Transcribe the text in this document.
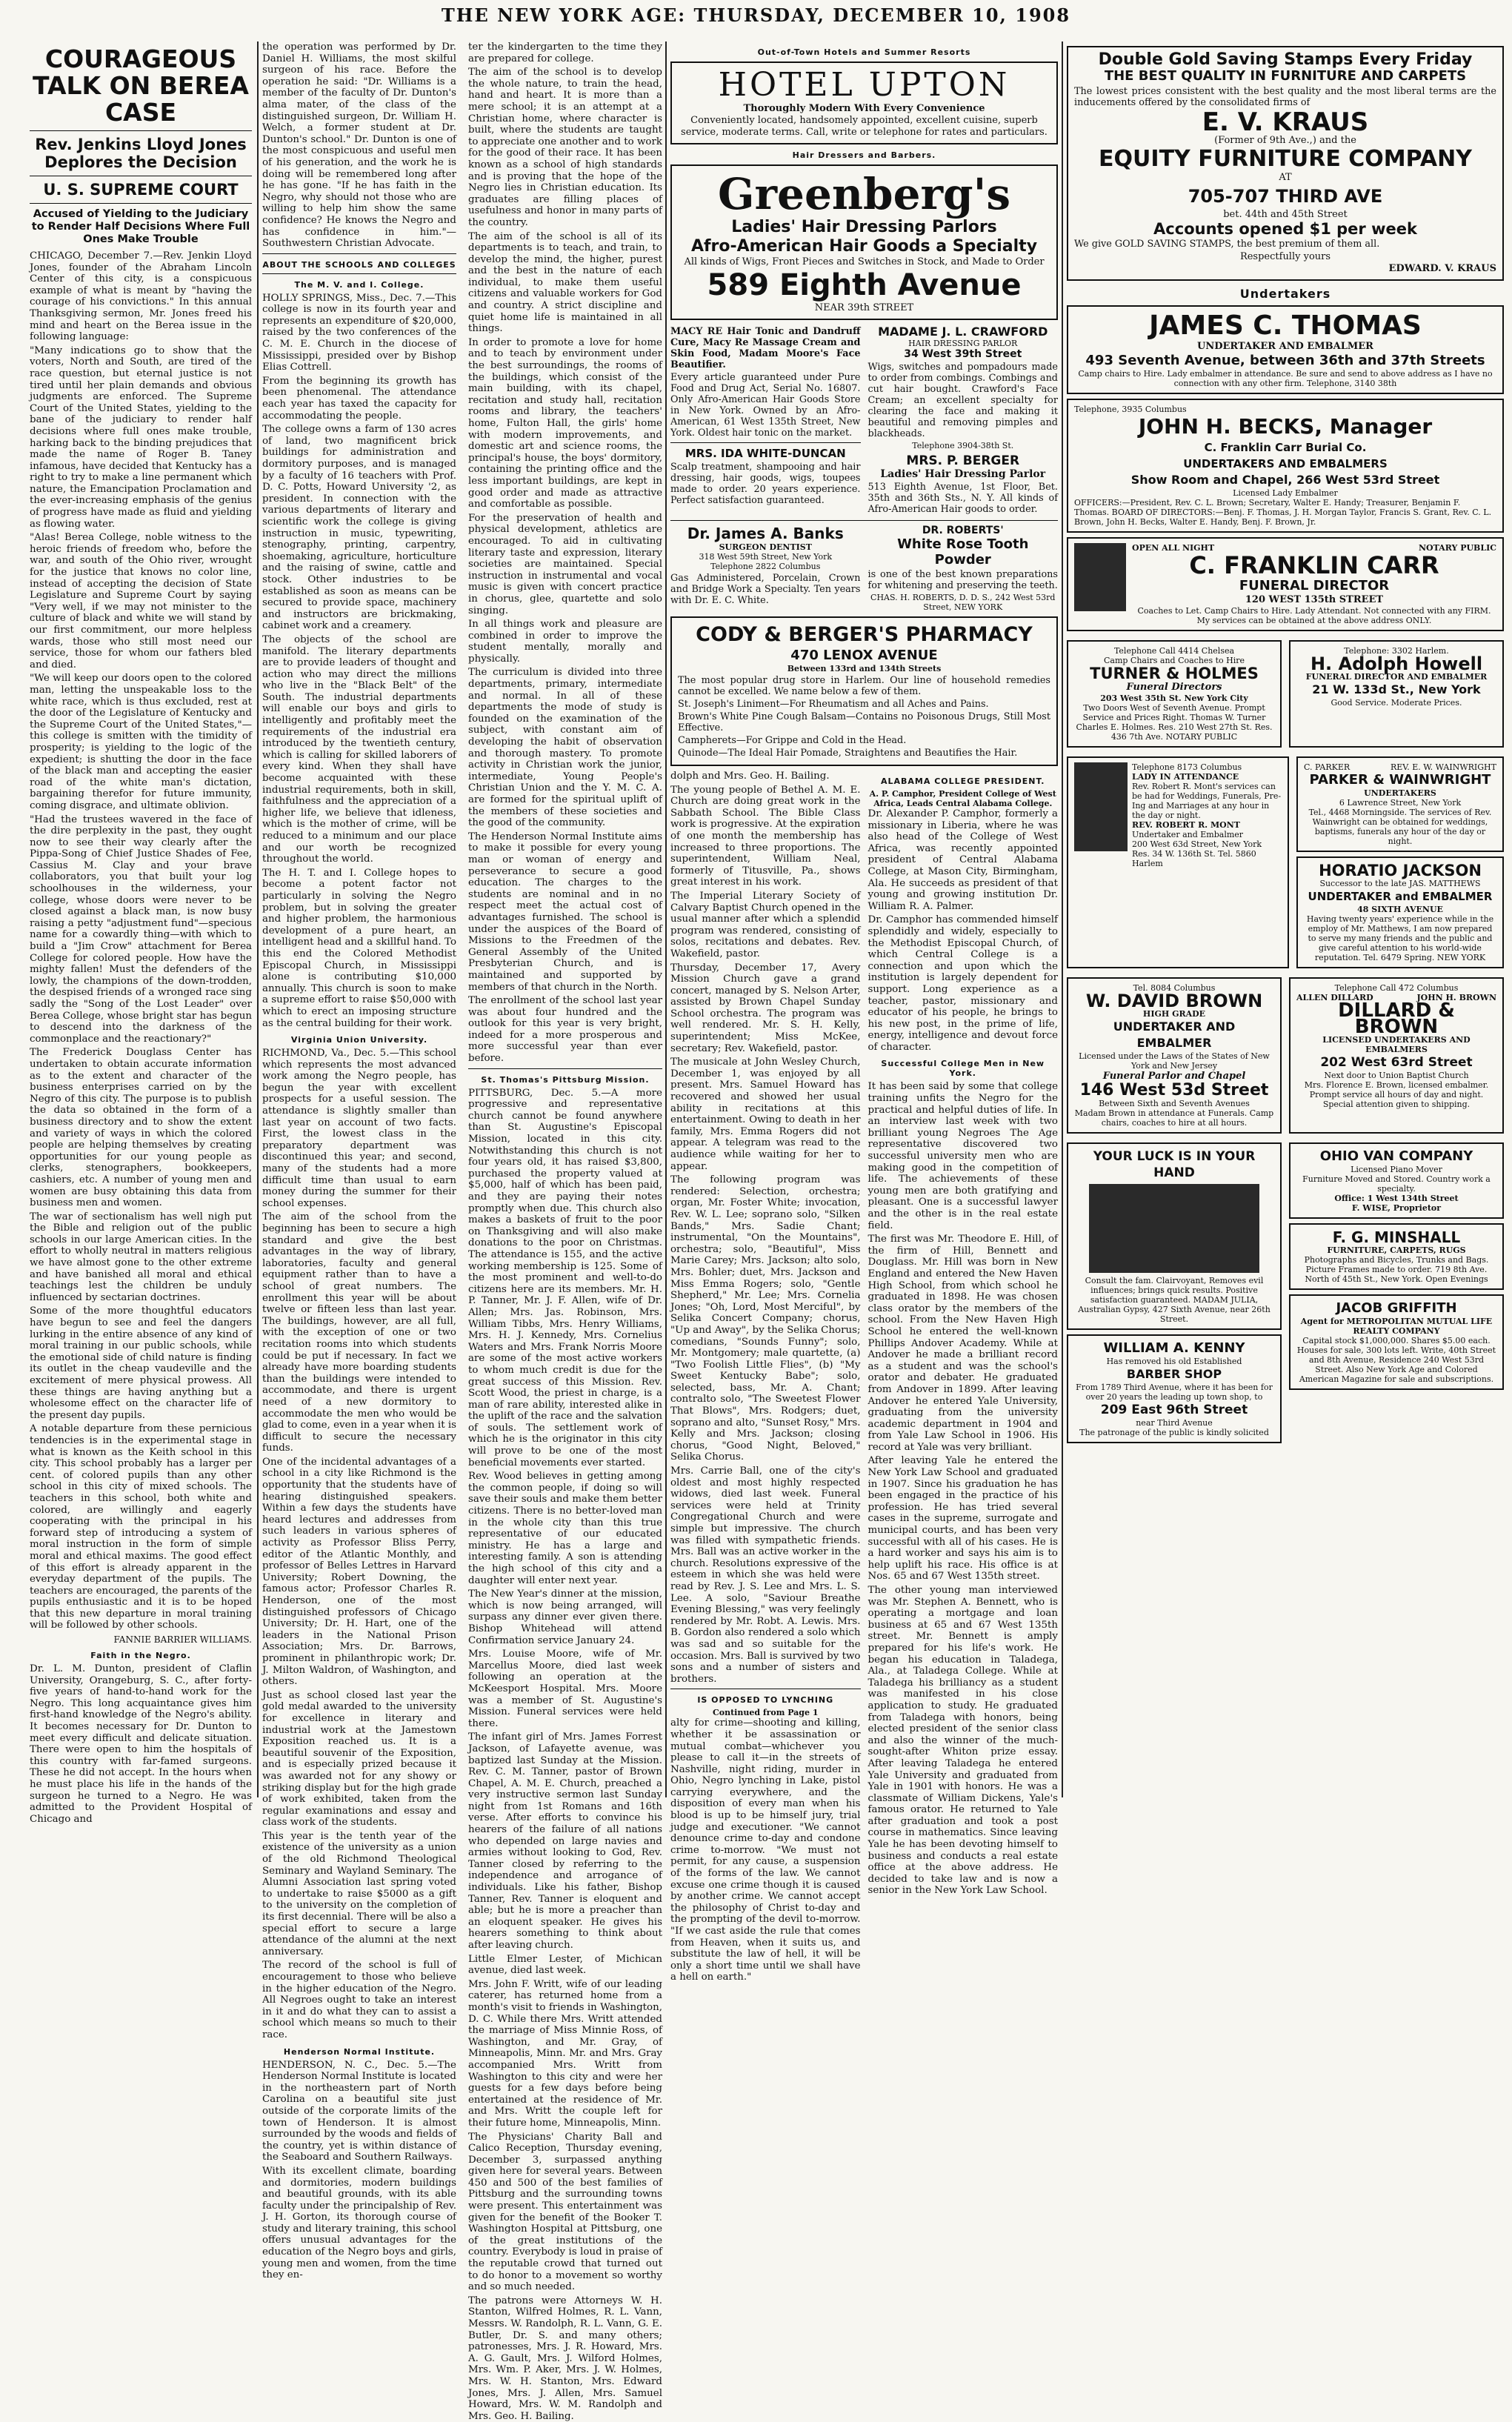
THE NEW YORK AGE: THURSDAY, DECEMBER 10, 1908
COURAGEOUS TALK ON BEREA CASE
Rev. Jenkins Lloyd Jones Deplores the Decision
U. S. SUPREME COURT
Accused of Yielding to the Judiciary to Render Half Decisions Where Full Ones Make Trouble

CHICAGO, December 7.—Rev. Jenkin Lloyd Jones, founder of the Abraham Lincoln Center of this city, is a conspicuous example of what is meant by "having the courage of his convictions." In this annual Thanksgiving sermon, Mr. Jones freed his mind and heart on the Berea issue in the following language:

"Many indications go to show that the voters, North and South, are tired of the race question, but eternal justice is not tired until her plain demands and obvious judgments are enforced. The Supreme Court of the United States, yielding to the bane of the judiciary to render half decisions where full ones make trouble, harking back to the binding prejudices that made the name of Roger B. Taney infamous, have decided that Kentucky has a right to try to make a line permanent which nature, the Emancipation Proclamation and the ever-increasing emphasis of the genius of progress have made as fluid and yielding as flowing water.

"Alas! Berea College, noble witness to the heroic friends of freedom who, before the war, and south of the Ohio river, wrought for the justice that knows no color line, instead of accepting the decision of State Legislature and Supreme Court by saying "Very well, if we may not minister to the culture of black and white we will stand by our first commitment, our more helpless wards, those who still most need our service, those for whom our fathers bled and died.

"We will keep our doors open to the colored man, letting the unspeakable loss to the white race, which is thus excluded, rest at the door of the Legislature of Kentucky and the Supreme Court of the United States,"—this college is smitten with the timidity of prosperity; is yielding to the logic of the expedient; is shutting the door in the face of the black man and accepting the easier road of the white man's dictation, bargaining therefor for future immunity, coming disgrace, and ultimate oblivion.

"Had the trustees wavered in the face of the dire perplexity in the past, they ought now to see their way clearly after the Pippa-Song of Chief Justice Shades of Fee, Cassius M. Clay and your brave collaborators, you that built your log schoolhouses in the wilderness, your college, whose doors were never to be closed against a black man, is now busy raising a petty "adjustment fund"—specious name for a cowardly thing—with which to build a "Jim Crow" attachment for Berea College for colored people. How have the mighty fallen! Must the defenders of the lowly, the champions of the down-trodden, the despised friends of a wronged race sing sadly the "Song of the Lost Leader" over Berea College, whose bright star has begun to descend into the darkness of the commonplace and the reactionary?"

The Frederick Douglass Center has undertaken to obtain accurate information as to the extent and character of the business enterprises carried on by the Negro of this city. The purpose is to publish the data so obtained in the form of a business directory and to show the extent and variety of ways in which the colored people are helping themselves by creating opportunities for our young people as clerks, stenographers, bookkeepers, cashiers, etc. A number of young men and women are busy obtaining this data from business men and women.

The war of sectionalism has well nigh put the Bible and religion out of the public schools in our large American cities. In the effort to wholly neutral in matters religious we have almost gone to the other extreme and have banished all moral and ethical teachings lest the children be unduly influenced by sectarian doctrines.

Some of the more thoughtful educators have begun to see and feel the dangers lurking in the entire absence of any kind of moral training in our public schools, while the emotional side of child nature is finding its outlet in the cheap vaudeville and the excitement of mere physical prowess. All these things are having anything but a wholesome effect on the character life of the present day pupils.

A notable departure from these pernicious tendencies is in the experimental stage in what is known as the Keith school in this city. This school probably has a larger per cent. of colored pupils than any other school in this city of mixed schools. The teachers in this school, both white and colored, are willingly and eagerly cooperating with the principal in his forward step of introducing a system of moral instruction in the form of simple moral and ethical maxims. The good effect of this effort is already apparent in the everyday department of the pupils. The teachers are encouraged, the parents of the pupils enthusiastic and it is to be hoped that this new departure in moral training will be followed by other schools.

FANNIE BARRIER WILLIAMS.
Faith in the Negro.

Dr. L. M. Dunton, president of Claflin University, Orangeburg, S. C., after forty-five years of hand-to-hand work for the Negro. This long acquaintance gives him first-hand knowledge of the Negro's ability. It becomes necessary for Dr. Dunton to meet every difficult and delicate situation. There were open to him the hospitals of this country with far-famed surgeons. These he did not accept. In the hours when he must place his life in the hands of the surgeon he turned to a Negro. He was admitted to the Provident Hospital of Chicago and

the operation was performed by Dr. Daniel H. Williams, the most skilful surgeon of his race. Before the operation he said: "Dr. Williams is a member of the faculty of Dr. Dunton's alma mater, of the class of the distinguished surgeon, Dr. William H. Welch, a former student at Dr. Dunton's school." Dr. Dunton is one of the most conspicuous and useful men of his generation, and the work he is doing will be remembered long after he has gone. "If he has faith in the Negro, why should not those who are willing to help him show the same confidence? He knows the Negro and has confidence in him."—Southwestern Christian Advocate.

ABOUT THE SCHOOLS AND COLLEGES
The M. V. and I. College.

HOLLY SPRINGS, Miss., Dec. 7.—This college is now in its fourth year and represents an expenditure of $20,000, raised by the two conferences of the C. M. E. Church in the diocese of Mississippi, presided over by Bishop Elias Cottrell.

From the beginning its growth has been phenomenal. The attendance each year has taxed the capacity for accommodating the people.

The college owns a farm of 130 acres of land, two magnificent brick buildings for administration and dormitory purposes, and is managed by a faculty of 16 teachers with Prof. D. C. Potts, Howard University '2, as president. In connection with the various departments of literary and scientific work the college is giving instruction in music, typewriting, stenography, printing, carpentry, shoemaking, agriculture, horticulture and the raising of swine, cattle and stock. Other industries to be established as soon as means can be secured to provide space, machinery and instructors are brickmaking, cabinet work and a creamery.

The objects of the school are manifold. The literary departments are to provide leaders of thought and action who may direct the millions who live in the "Black Belt" of the South. The industrial departments will enable our boys and girls to intelligently and profitably meet the requirements of the industrial era introduced by the twentieth century, which is calling for skilled laborers of every kind. When they shall have become acquainted with these industrial requirements, both in skill, faithfulness and the appreciation of a higher life, we believe that idleness, which is the mother of crime, will be reduced to a minimum and our place and our worth be recognized throughout the world.

The H. T. and I. College hopes to become a potent factor not particularly in solving the Negro problem, but in solving the greater and higher problem, the harmonious development of a pure heart, an intelligent head and a skillful hand. To this end the Colored Methodist Episcopal Church, in Mississippi alone is contributing $10,000 annually. This church is soon to make a supreme effort to raise $50,000 with which to erect an imposing structure as the central building for their work.

Virginia Union University.

RICHMOND, Va., Dec. 5.—This school which represents the most advanced work among the Negro people, has begun the year with excellent prospects for a useful session. The attendance is slightly smaller than last year on account of two facts. First, the lowest class in the preparatory department was discontinued this year; and second, many of the students had a more difficult time than usual to earn money during the summer for their school expenses.

The aim of the school from the beginning has been to secure a high standard and give the best advantages in the way of library, laboratories, faculty and general equipment rather than to have a school of great numbers. The enrollment this year will be about twelve or fifteen less than last year. The buildings, however, are all full, with the exception of one or two recitation rooms into which students could be put if necessary. In fact we already have more boarding students than the buildings were intended to accommodate, and there is urgent need of a new dormitory to accommodate the men who would be glad to come, even in a year when it is difficult to secure the necessary funds.

One of the incidental advantages of a school in a city like Richmond is the opportunity that the students have of hearing distinguished speakers. Within a few days the students have heard lectures and addresses from such leaders in various spheres of activity as Professor Bliss Perry, editor of the Atlantic Monthly, and professor of Belles Lettres in Harvard University; Robert Downing, the famous actor; Professor Charles R. Henderson, one of the most distinguished professors of Chicago University; Dr. H. Hart, one of the leaders in the National Prison Association; Mrs. Dr. Barrows, prominent in philanthropic work; Dr. J. Milton Waldron, of Washington, and others.

Just as school closed last year the gold medal awarded to the university for excellence in literary and industrial work at the Jamestown Exposition reached us. It is a beautiful souvenir of the Exposition, and is especially prized because it was awarded not for any showy or striking display but for the high grade of work exhibited, taken from the regular examinations and essay and class work of the students.

This year is the tenth year of the existence of the university as a union of the old Richmond Theological Seminary and Wayland Seminary. The Alumni Association last spring voted to undertake to raise $5000 as a gift to the university on the completion of its first decennial. There will be also a special effort to secure a large attendance of the alumni at the next anniversary.

The record of the school is full of encouragement to those who believe in the higher education of the Negro. All Negroes ought to take an interest in it and do what they can to assist a school which means so much to their race.

Henderson Normal Institute.

HENDERSON, N. C., Dec. 5.—The Henderson Normal Institute is located in the northeastern part of North Carolina on a beautiful site just outside of the corporate limits of the town of Henderson. It is almost surrounded by the woods and fields of the country, yet is within distance of the Seaboard and Southern Railways.

With its excellent climate, boarding and dormitories, modern buildings and beautiful grounds, with its able faculty under the principalship of Rev. J. H. Gorton, its thorough course of study and literary training, this school offers unusual advantages for the education of the Negro boys and girls, young men and women, from the time they en-

ter the kindergarten to the time they are prepared for college.

The aim of the school is to develop the whole nature, to train the head, hand and heart. It is more than a mere school; it is an attempt at a Christian home, where character is built, where the students are taught to appreciate one another and to work for the good of their race. It has been known as a school of high standards and is proving that the hope of the Negro lies in Christian education. Its graduates are filling places of usefulness and honor in many parts of the country.

The aim of the school is all of its departments is to teach, and train, to develop the mind, the higher, purest and the best in the nature of each individual, to make them useful citizens and valuable workers for God and country. A strict discipline and quiet home life is maintained in all things.

In order to promote a love for home and to teach by environment under the best surroundings, the rooms of the buildings, which consist of the main building, with its chapel, recitation and study hall, recitation rooms and library, the teachers' home, Fulton Hall, the girls' home with modern improvements, and domestic art and science rooms, the principal's house, the boys' dormitory, containing the printing office and the less important buildings, are kept in good order and made as attractive and comfortable as possible.

For the preservation of health and physical development, athletics are encouraged. To aid in cultivating literary taste and expression, literary societies are maintained. Special instruction in instrumental and vocal music is given with concert practice in chorus, glee, quartette and solo singing.

In all things work and pleasure are combined in order to improve the student mentally, morally and physically.

The curriculum is divided into three departments, primary, intermediate and normal. In all of these departments the mode of study is founded on the examination of the subject, with constant aim of developing the habit of observation and thorough mastery. To promote activity in Christian work the junior, intermediate, Young People's Christian Union and the Y. M. C. A. are formed for the spiritual uplift of the members of these societies and the good of the community.

The Henderson Normal Institute aims to make it possible for every young man or woman of energy and perseverance to secure a good education. The charges to the students are nominal and in no respect meet the actual cost of advantages furnished. The school is under the auspices of the Board of Missions to the Freedmen of the General Assembly of the United Presbyterian Church, and is maintained and supported by members of that church in the North.

The enrollment of the school last year was about four hundred and the outlook for this year is very bright, indeed for a more prosperous and more successful year than ever before.

St. Thomas's Pittsburg Mission.

PITTSBURG, Dec. 5.—A more progressive and representative church cannot be found anywhere than St. Augustine's Episcopal Mission, located in this city. Notwithstanding this church is not four years old, it has raised $3,800, purchased the property valued at $5,000, half of which has been paid, and they are paying their notes promptly when due. This church also makes a baskets of fruit to the poor on Thanksgiving and will also make donations to the poor on Christmas. The attendance is 155, and the active working membership is 125. Some of the most prominent and well-to-do citizens here are its members. Mr. H. P. Tanner, Mr. J. F. Allen, wife of Dr. Allen; Mrs. Jas. Robinson, Mrs. William Tibbs, Mrs. Henry Williams, Mrs. H. J. Kennedy, Mrs. Cornelius Waters and Mrs. Frank Norris Moore are some of the most active workers to whom much credit is due for the great success of this Mission. Rev. Scott Wood, the priest in charge, is a man of rare ability, interested alike in the uplift of the race and the salvation of souls. The settlement work of which he is the originator in this city will prove to be one of the most beneficial movements ever started.

Rev. Wood believes in getting among the common people, if doing so will save their souls and make them better citizens. There is no better-loved man in the whole city than this true representative of our educated ministry. He has a large and interesting family. A son is attending the high school of this city and a daughter will enter next year.

The New Year's dinner at the mission, which is now being arranged, will surpass any dinner ever given there. Bishop Whitehead will attend Confirmation service January 24.

Mrs. Louise Moore, wife of Mr. Marcellus Moore, died last week following an operation at the McKeesport Hospital. Mrs. Moore was a member of St. Augustine's Mission. Funeral services were held there.

The infant girl of Mrs. James Forrest Jackson, of Lafayette avenue, was baptized last Sunday at the Mission. Rev. C. M. Tanner, pastor of Brown Chapel, A. M. E. Church, preached a very instructive sermon last Sunday night from 1st Romans and 16th verse. After efforts to convince his hearers of the failure of all nations who depended on large navies and armies without looking to God, Rev. Tanner closed by referring to the independence and arrogance of individuals. Like his father, Bishop Tanner, Rev. Tanner is eloquent and able; but he is more a preacher than an eloquent speaker. He gives his hearers something to think about after leaving church.

Little Elmer Lester, of Michican avenue, died last week.

Mrs. John F. Writt, wife of our leading caterer, has returned home from a month's visit to friends in Washington, D. C. While there Mrs. Writt attended the marriage of Miss Minnie Ross, of Washington, and Mr. Gray, of Minneapolis, Minn. Mr. and Mrs. Gray accompanied Mrs. Writt from Washington to this city and were her guests for a few days before being entertained at the residence of Mr. and Mrs. Writt the couple left for their future home, Minneapolis, Minn.

The Physicians' Charity Ball and Calico Reception, Thursday evening, December 3, surpassed anything given here for several years. Between 450 and 500 of the best families of Pittsburg and the surrounding towns were present. This entertainment was given for the benefit of the Booker T. Washington Hospital at Pittsburg, one of the great institutions of the country. Everybody is loud in praise of the reputable crowd that turned out to do honor to a movement so worthy and so much needed.

The patrons were Attorneys W. H. Stanton, Wilfred Holmes, R. L. Vann, Messrs. W. Randolph, R. L. Vann, G. E. Butler, Dr. S. and many others; patronesses, Mrs. J. R. Howard, Mrs. A. G. Gault, Mrs. J. Wilford Holmes, Mrs. Wm. P. Aker, Mrs. J. W. Holmes, Mrs. W. H. Stanton, Mrs. Edward Jones, Mrs. J. Allen, Mrs. Samuel Howard, Mrs. W. M. Randolph and Mrs. Geo. H. Bailing.

Out-of-Town Hotels and Summer Resorts
HOTEL UPTON
Thoroughly Modern With Every Convenience
Conveniently located, handsomely appointed, excellent cuisine, superb service, moderate terms. Call, write or telephone for rates and particulars.
Hair Dressers and Barbers.
Greenberg's
Ladies' Hair Dressing Parlors
Afro-American Hair Goods a Specialty
All kinds of Wigs, Front Pieces and Switches in Stock, and Made to Order
589 Eighth Avenue
NEAR 39th STREET
MACY RE Hair Tonic and Dandruff Cure, Macy Re Massage Cream and Skin Food, Madam Moore's Face Beautifier.
Every article guaranteed under Pure Food and Drug Act, Serial No. 16807. Only Afro-American Hair Goods Store in New York. Owned by an Afro-American, 61 West 135th Street, New York. Oldest hair tonic on the market.
MRS. IDA WHITE-DUNCAN
Scalp treatment, shampooing and hair dressing, hair goods, wigs, toupees made to order. 20 years experience. Perfect satisfaction guaranteed.
MADAME J. L. CRAWFORD
HAIR DRESSING PARLOR
34 West 39th Street
Wigs, switches and pompadours made to order from combings. Combings and cut hair bought. Crawford's Face Cream; an excellent specialty for clearing the face and making it beautiful and removing pimples and blackheads.
Telephone 3904-38th St.
MRS. P. BERGER
Ladies' Hair Dressing Parlor
513 Eighth Avenue, 1st Floor, Bet. 35th and 36th Sts., N. Y. All kinds of Afro-American Hair goods to order.
Dr. James A. Banks
SURGEON DENTIST
318 West 59th Street, New York
Telephone 2822 Columbus
Gas Administered, Porcelain, Crown and Bridge Work a Specialty. Ten years with Dr. E. C. White.
DR. ROBERTS'
White Rose Tooth Powder
is one of the best known preparations for whitening and preserving the teeth.
CHAS. H. ROBERTS, D. D. S., 242 West 53rd Street, NEW YORK
CODY & BERGER'S PHARMACY
470 LENOX AVENUE
Between 133rd and 134th Streets
The most popular drug store in Harlem. Our line of household remedies cannot be excelled. We name below a few of them.
St. Joseph's Liniment—For Rheumatism and all Aches and Pains.
Brown's White Pine Cough Balsam—Contains no Poisonous Drugs, Still Most Effective.
Campherets—For Grippe and Cold in the Head.
Quinode—The Ideal Hair Pomade, Straightens and Beautifies the Hair.

dolph and Mrs. Geo. H. Bailing.

The young people of Bethel A. M. E. Church are doing great work in the Sabbath School. The Bible Class work is progressive. At the expiration of one month the membership has increased to three proportions. The superintendent, William Neal, formerly of Titusville, Pa., shows great interest in his work.

The Imperial Literary Society of Calvary Baptist Church opened in the usual manner after which a splendid program was rendered, consisting of solos, recitations and debates. Rev. Wakefield, pastor.

Thursday, December 17, Avery Mission Church gave a grand concert, managed by S. Nelson Arter, assisted by Brown Chapel Sunday School orchestra. The program was well rendered. Mr. S. H. Kelly, superintendent; Miss McKee, secretary; Rev. Wakefield, pastor.

The musicale at John Wesley Church, December 1, was enjoyed by all present. Mrs. Samuel Howard has recovered and showed her usual ability in recitations at this entertainment. Owing to death in her family, Mrs. Emma Rogers did not appear. A telegram was read to the audience while waiting for her to appear.

The following program was rendered: Selection, orchestra; organ, Mr. Foster White; invocation, Rev. W. L. Lee; soprano solo, "Silken Bands," Mrs. Sadie Chant; instrumental, "On the Mountains", orchestra; solo, "Beautiful", Miss Marie Carey; Mrs. Jackson; alto solo, Mrs. Bohler; duet, Mrs. Jackson and Miss Emma Rogers; solo, "Gentle Shepherd," Mr. Lee; Mrs. Cornelia Jones; "Oh, Lord, Most Merciful", by Selika Concert Company; chorus, "Up and Away", by the Selika Chorus; comedians, "Sounds Funny"; solo, Mr. Montgomery; male quartette, (a) "Two Foolish Little Flies", (b) "My Sweet Kentucky Babe"; solo, selected, bass, Mr. A. Chant; contralto solo, "The Sweetest Flower That Blows", Mrs. Rodgers; duet, soprano and alto, "Sunset Rosy," Mrs. Kelly and Mrs. Jackson; closing chorus, "Good Night, Beloved," Selika Chorus.

Mrs. Carrie Ball, one of the city's oldest and most highly respected widows, died last week. Funeral services were held at Trinity Congregational Church and were simple but impressive. The church was filled with sympathetic friends. Mrs. Ball was an active worker in the church. Resolutions expressive of the esteem in which she was held were read by Rev. J. S. Lee and Mrs. L. S. Lee. A solo, "Saviour Breathe Evening Blessing," was very feelingly rendered by Mr. Robt. A. Lewis. Mrs. B. Gordon also rendered a solo which was sad and so suitable for the occasion. Mrs. Ball is survived by two sons and a number of sisters and brothers.

IS OPPOSED TO LYNCHING
Continued from Page 1

alty for crime—shooting and killing, whether it be assassination or mutual combat—whichever you please to call it—in the streets of Nashville, night riding, murder in Ohio, Negro lynching in Lake, pistol carrying everywhere, and the disposition of every man when his blood is up to be himself jury, trial judge and executioner. "We cannot denounce crime to-day and condone crime to-morrow. "We must not permit, for any cause, a suspension of the forms of the law. We cannot excuse one crime though it is caused by another crime. We cannot accept the philosophy of Christ to-day and the prompting of the devil to-morrow. "If we cast aside the rule that comes from Heaven, when it suits us, and substitute the law of hell, it will be only a short time until we shall have a hell on earth."

ALABAMA COLLEGE PRESIDENT.
A. P. Camphor, President College of West Africa, Leads Central Alabama College.

Dr. Alexander P. Camphor, formerly a missionary in Liberia, where he was also head of the College of West Africa, was recently appointed president of Central Alabama College, at Mason City, Birmingham, Ala. He succeeds as president of that young and growing institution Dr. William R. A. Palmer.

Dr. Camphor has commended himself splendidly and widely, especially to the Methodist Episcopal Church, of which Central College is a connection and upon which the institution is largely dependent for support. Long experience as a teacher, pastor, missionary and educator of his people, he brings to his new post, in the prime of life, energy, intelligence and devout force of character.

Successful College Men in New York.

It has been said by some that college training unfits the Negro for the practical and helpful duties of life. In an interview last week with two brilliant young Negroes The Age representative discovered two successful university men who are making good in the competition of life. The achievements of these young men are both gratifying and pleasant. One is a successful lawyer and the other is in the real estate field.

The first was Mr. Theodore E. Hill, of the firm of Hill, Bennett and Douglass. Mr. Hill was born in New England and entered the New Haven High School, from which school he graduated in 1898. He was chosen class orator by the members of the school. From the New Haven High School he entered the well-known Phillips Andover Academy. While at Andover he made a brilliant record as a student and was the school's orator and debater. He graduated from Andover in 1899. After leaving Andover he entered Yale University, graduating from the university academic department in 1904 and from Yale Law School in 1906. His record at Yale was very brilliant.

After leaving Yale he entered the New York Law School and graduated in 1907. Since his graduation he has been engaged in the practice of his profession. He has tried several cases in the supreme, surrogate and municipal courts, and has been very successful with all of his cases. He is a hard worker and says his aim is to help uplift his race. His office is at Nos. 65 and 67 West 135th street.

The other young man interviewed was Mr. Stephen A. Bennett, who is operating a mortgage and loan business at 65 and 67 West 135th street. Mr. Bennett is amply prepared for his life's work. He began his education in Taladega, Ala., at Taladega College. While at Taladega his brilliancy as a student was manifested in his close application to study. He graduated from Taladega with honors, being elected president of the senior class and also the winner of the much-sought-after Whiton prize essay. After leaving Taladega he entered Yale University and graduated from Yale in 1901 with honors. He was a classmate of William Dickens, Yale's famous orator. He returned to Yale after graduation and took a post course in mathematics. Since leaving Yale he has been devoting himself to business and conducts a real estate office at the above address. He decided to take law and is now a senior in the New York Law School.

Double Gold Saving Stamps Every Friday
THE BEST QUALITY IN FURNITURE AND CARPETS
The lowest prices consistent with the best quality and the most liberal terms are the inducements offered by the consolidated firms of
E. V. KRAUS
(Former of 9th Ave.,) and the
EQUITY FURNITURE COMPANY
AT
705-707 THIRD AVE
bet. 44th and 45th Street
Accounts opened $1 per week
We give GOLD SAVING STAMPS, the best premium of them all.
Respectfully yours
EDWARD. V. KRAUS
Undertakers
JAMES C. THOMAS
UNDERTAKER AND EMBALMER
493 Seventh Avenue, between 36th and 37th Streets
Camp chairs to Hire. Lady embalmer in attendance. Be sure and send to above address as I have no connection with any other firm. Telephone, 3140 38th
Telephone, 3935 Columbus
JOHN H. BECKS, Manager
C. Franklin Carr Burial Co.
UNDERTAKERS AND EMBALMERS
Show Room and Chapel, 266 West 53rd Street
Licensed Lady Embalmer
OFFICERS:—President, Rev. C. L. Brown; Secretary, Walter E. Handy; Treasurer, Benjamin F. Thomas. BOARD OF DIRECTORS:—Benj. F. Thomas, J. H. Morgan Taylor, Francis S. Grant, Rev. C. L. Brown, John H. Becks, Walter E. Handy, Benj. F. Brown, Jr.
OPEN ALL NIGHT	NOTARY PUBLIC
C. FRANKLIN CARR
FUNERAL DIRECTOR
120 WEST 135th STREET
Coaches to Let. Camp Chairs to Hire. Lady Attendant. Not connected with any FIRM. My services can be obtained at the above address ONLY.
Telephone Call 4414 Chelsea
Camp Chairs and Coaches to Hire
TURNER & HOLMES
Funeral Directors
203 West 35th St. New York City
Two Doors West of Seventh Avenue. Prompt Service and Prices Right. Thomas W. Turner Charles E. Holmes. Res. 210 West 27th St. Res. 436 7th Ave. NOTARY PUBLIC
Telephone: 3302 Harlem.
H. Adolph Howell
FUNERAL DIRECTOR AND EMBALMER
21 W. 133d St., New York
Good Service. Moderate Prices.
Telephone 8173 Columbus
LADY IN ATTENDANCE
Rev. Robert R. Mont's services can be had for Weddings, Funerals, Pre-Ing and Marriages at any hour in the day or night.
REV. ROBERT R. MONT
Undertaker and Embalmer
200 West 63d Street, New York
Res. 34 W. 136th St. Tel. 5860 Harlem
C. PARKER	REV. E. W. WAINWRIGHT
PARKER & WAINWRIGHT
UNDERTAKERS
6 Lawrence Street, New York
Tel., 4468 Morningside. The services of Rev. Wainwright can be obtained for weddings, baptisms, funerals any hour of the day or night.
HORATIO JACKSON
Successor to the late JAS. MATTHEWS
UNDERTAKER and EMBALMER
48 SIXTH AVENUE
Having twenty years' experience while in the employ of Mr. Matthews, I am now prepared to serve my many friends and the public and give careful attention to his world-wide reputation. Tel. 6479 Spring. NEW YORK
Tel. 8084 Columbus
W. DAVID BROWN
HIGH GRADE
UNDERTAKER AND EMBALMER
Licensed under the Laws of the States of New York and New Jersey
Funeral Parlor and Chapel
146 West 53d Street
Between Sixth and Seventh Avenues
Madam Brown in attendance at Funerals. Camp chairs, coaches to hire at all hours.
Telephone Call 472 Columbus
ALLEN DILLARD	JOHN H. BROWN
DILLARD & BROWN
LICENSED UNDERTAKERS AND EMBALMERS
202 West 63rd Street
Next door to Union Baptist Church
Mrs. Florence E. Brown, licensed embalmer. Prompt service all hours of day and night. Special attention given to shipping.
YOUR LUCK IS IN YOUR HAND
Consult the fam. Clairvoyant, Removes evil influences; brings quick results. Positive satisfaction guaranteed. MADAM JULIA, Australian Gypsy, 427 Sixth Avenue, near 26th Street.
WILLIAM A. KENNY
Has removed his old Established
BARBER SHOP
From 1789 Third Avenue, where it has been for over 20 years the leading up town shop, to
209 East 96th Street
near Third Avenue
The patronage of the public is kindly solicited
OHIO VAN COMPANY
Licensed Piano Mover
Furniture Moved and Stored. Country work a specialty.
Office: 1 West 134th Street
F. WISE, Proprietor
F. G. MINSHALL
FURNITURE, CARPETS, RUGS
Photographs and Bicycles, Trunks and Bags. Picture Frames made to order. 719 8th Ave. North of 45th St., New York. Open Evenings
JACOB GRIFFITH
Agent for METROPOLITAN MUTUAL LIFE REALTY COMPANY
Capital stock $1,000,000. Shares $5.00 each. Houses for sale, 300 lots left. Write, 40th Street and 8th Avenue, Residence 240 West 53rd Street. Also New York Age and Colored American Magazine for sale and subscriptions.
